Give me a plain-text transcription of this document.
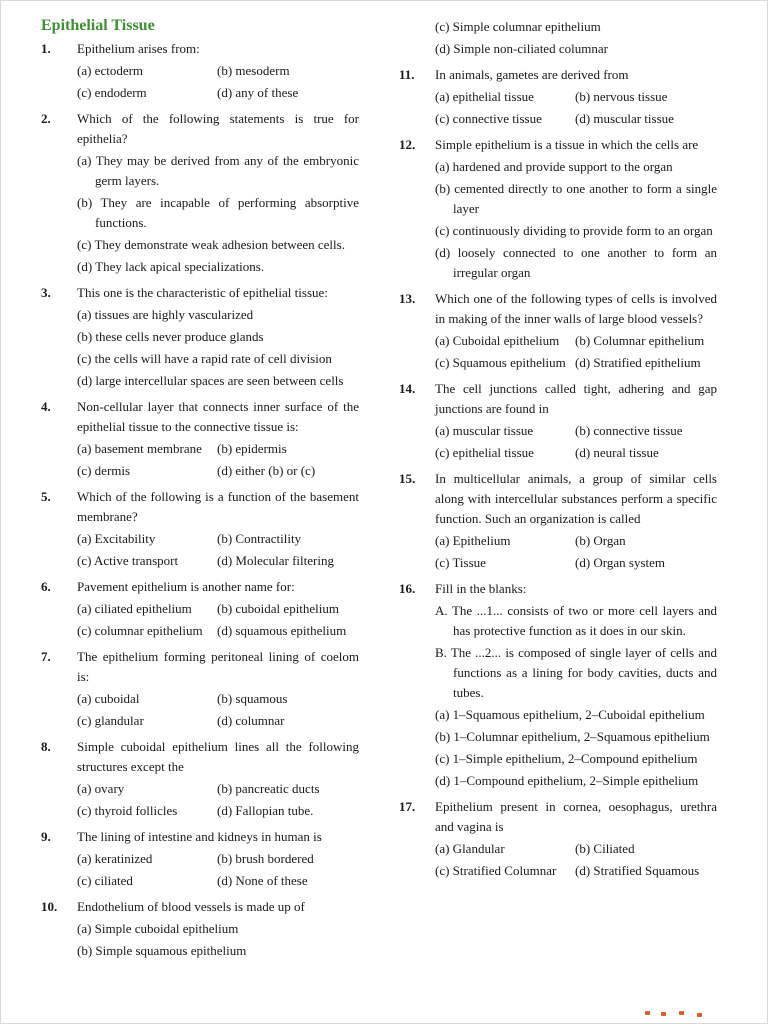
Epithelial Tissue
1.	Epithelium arises from:
(a) ectoderm	(b) mesoderm
(c) endoderm	(d) any of these
2.	Which of the following statements is true for epithelia?
(a) They may be derived from any of the embryonic germ layers.
(b) They are incapable of performing absorptive functions.
(c) They demonstrate weak adhesion between cells.
(d) They lack apical specializations.
3.	This one is the characteristic of epithelial tissue:
(a) tissues are highly vascularized
(b) these cells never produce glands
(c) the cells will have a rapid rate of cell division
(d) large intercellular spaces are seen between cells
4.	Non-cellular layer that connects inner surface of the epithelial tissue to the connective tissue is:
(a) basement membrane	(b) epidermis
(c) dermis	(d) either (b) or (c)
5.	Which of the following is a function of the basement membrane?
(a) Excitability	(b) Contractility
(c) Active transport	(d) Molecular filtering
6.	Pavement epithelium is another name for:
(a) ciliated epithelium	(b) cuboidal epithelium
(c) columnar epithelium	(d) squamous epithelium
7.	The epithelium forming peritoneal lining of coelom is:
(a) cuboidal	(b) squamous
(c) glandular	(d) columnar
8.	Simple cuboidal epithelium lines all the following structures except the
(a) ovary	(b) pancreatic ducts
(c) thyroid follicles	(d) Fallopian tube.
9.	The lining of intestine and kidneys in human is
(a) keratinized	(b) brush bordered
(c) ciliated	(d) None of these
10.	Endothelium of blood vessels is made up of
(a) Simple cuboidal epithelium
(b) Simple squamous epithelium
(c) Simple columnar epithelium
(d) Simple non-ciliated columnar
11.	In animals, gametes are derived from
(a) epithelial tissue	(b) nervous tissue
(c) connective tissue	(d) muscular tissue
12.	Simple epithelium is a tissue in which the cells are
(a) hardened and provide support to the organ
(b) cemented directly to one another to form a single layer
(c) continuously dividing to provide form to an organ
(d) loosely connected to one another to form an irregular organ
13.	Which one of the following types of cells is involved in making of the inner walls of large blood vessels?
(a) Cuboidal epithelium	(b) Columnar epithelium
(c) Squamous epithelium (d) Stratified epithelium
14.	The cell junctions called tight, adhering and gap junctions are found in
(a) muscular tissue	(b) connective tissue
(c) epithelial tissue	(d) neural tissue
15.	In multicellular animals, a group of similar cells along with intercellular substances perform a specific function. Such an organization is called
(a) Epithelium	(b) Organ
(c) Tissue	(d) Organ system
16.	Fill in the blanks:
A. The ...1... consists of two or more cell layers and has protective function as it does in our skin.
B. The ...2... is composed of single layer of cells and functions as a lining for body cavities, ducts and tubes.
(a) 1–Squamous epithelium, 2–Cuboidal epithelium
(b) 1–Columnar epithelium, 2–Squamous epithelium
(c) 1–Simple epithelium, 2–Compound epithelium
(d) 1–Compound epithelium, 2–Simple epithelium
17.	Epithelium present in cornea, oesophagus, urethra and vagina is
(a) Glandular	(b) Ciliated
(c) Stratified Columnar	(d) Stratified Squamous
